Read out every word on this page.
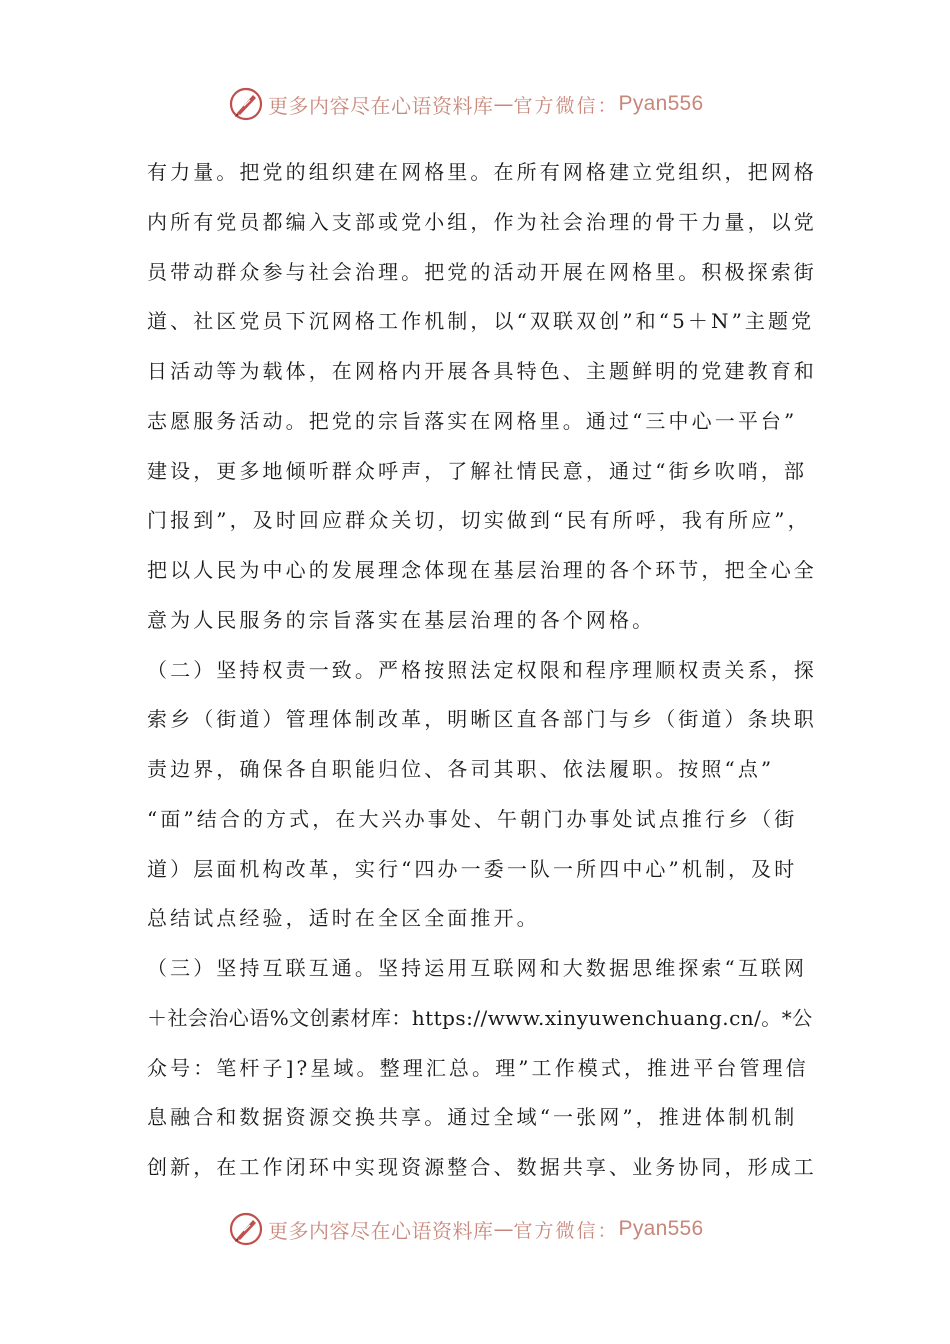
更多内容尽在心语资料库 — 官方微信： Pyan556
有力量。把党的组织建在网格里。在所有网格建立党组织，把网格
内所有党员都编入支部或党小组，作为社会治理的骨干力量，以党
员带动群众参与社会治理。把党的活动开展在网格里。积极探索街
道、社区党员下沉网格工作机制，以“双联双创”和“5＋N”主题党
日活动等为载体，在网格内开展各具特色、主题鲜明的党建教育和
志愿服务活动。把党的宗旨落实在网格里。通过“三中心一平台”
建设，更多地倾听群众呼声，了解社情民意，通过“街乡吹哨，部
门报到”，及时回应群众关切，切实做到“民有所呼，我有所应”，
把以人民为中心的发展理念体现在基层治理的各个环节，把全心全
意为人民服务的宗旨落实在基层治理的各个网格。
（二）坚持权责一致。严格按照法定权限和程序理顺权责关系，探
索乡（街道）管理体制改革，明晰区直各部门与乡（街道）条块职
责边界，确保各自职能归位、各司其职、依法履职。按照“点”
“面”结合的方式，在大兴办事处、午朝门办事处试点推行乡（街
道）层面机构改革，实行“四办一委一队一所四中心”机制，及时
总结试点经验，适时在全区全面推开。
（三）坚持互联互通。坚持运用互联网和大数据思维探索“互联网
＋社会治心语%文创素材库：https://www.xinyuwenchuang.cn/。*公
众号：笔杆子]?星域。整理汇总。理”工作模式，推进平台管理信
息融合和数据资源交换共享。通过全域“一张网”，推进体制机制
创新，在工作闭环中实现资源整合、数据共享、业务协同，形成工
更多内容尽在心语资料库 — 官方微信： Pyan556
